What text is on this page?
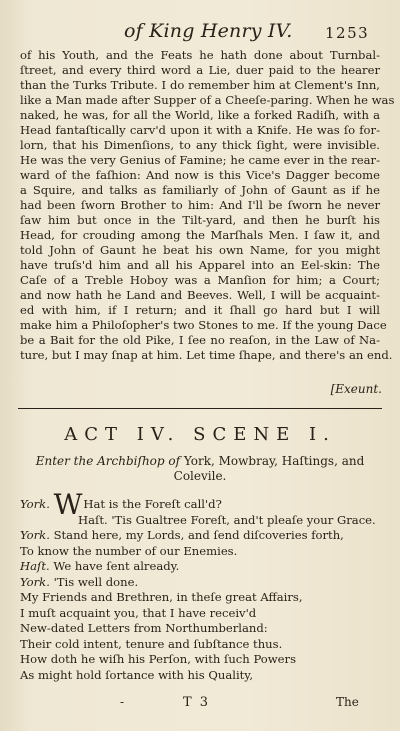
of King Henry IV. 1253
of his Youth, and the Feats he hath done about Turnbal-
ſtreet, and every third word a Lie, duer paid to the hearer
than the Turks Tribute. I do remember him at Clement's Inn,
like a Man made after Supper of a Cheeſe-paring. When he was
naked, he was, for all the World, like a forked Radiſh, with a
Head fantaſtically carv'd upon it with a Knife. He was ſo for-
lorn, that his Dimenſions, to any thick ſight, were invisible.
He was the very Genius of Famine; he came ever in the rear-
ward of the faſhion: And now is this Vice's Dagger become
a Squire, and talks as familiarly of John of Gaunt as if he
had been ſworn Brother to him: And I'll be ſworn he never
ſaw him but once in the Tilt-yard, and then he burſt his
Head, for crouding among the Marſhals Men. I ſaw it, and
told John of Gaunt he beat his own Name, for you might
have truſs'd him and all his Apparel into an Eel-skin: The
Caſe of a Treble Hoboy was a Manſion for him; a Court;
and now hath he Land and Beeves. Well, I will be acquaint-
ed with him, if I return; and it ſhall go hard but I will
make him a Philoſopher's two Stones to me. If the young Dace
be a Bait for the old Pike, I ſee no reaſon, in the Law of Na-
ture, but I may ſnap at him. Let time ſhape, and there's an end.
[Exeunt.
ACT IV. SCENE I.
Enter the Archbiſhop of York, Mowbray, Haſtings, and
Colevile.
York. WHat is the Foreſt call'd?
Haſt. 'Tis Gualtree Foreſt, and't pleaſe your Grace.
York. Stand here, my Lords, and ſend diſcoveries forth,
To know the number of our Enemies.
Haſt. We have ſent already.
York. 'Tis well done.
My Friends and Brethren, in theſe great Affairs,
I muſt acquaint you, that I have receiv'd
New-dated Letters from Northumberland:
Their cold intent, tenure and ſubſtance thus.
How doth he wiſh his Perſon, with ſuch Powers
As might hold ſortance with his Quality,
-	T 3	The
